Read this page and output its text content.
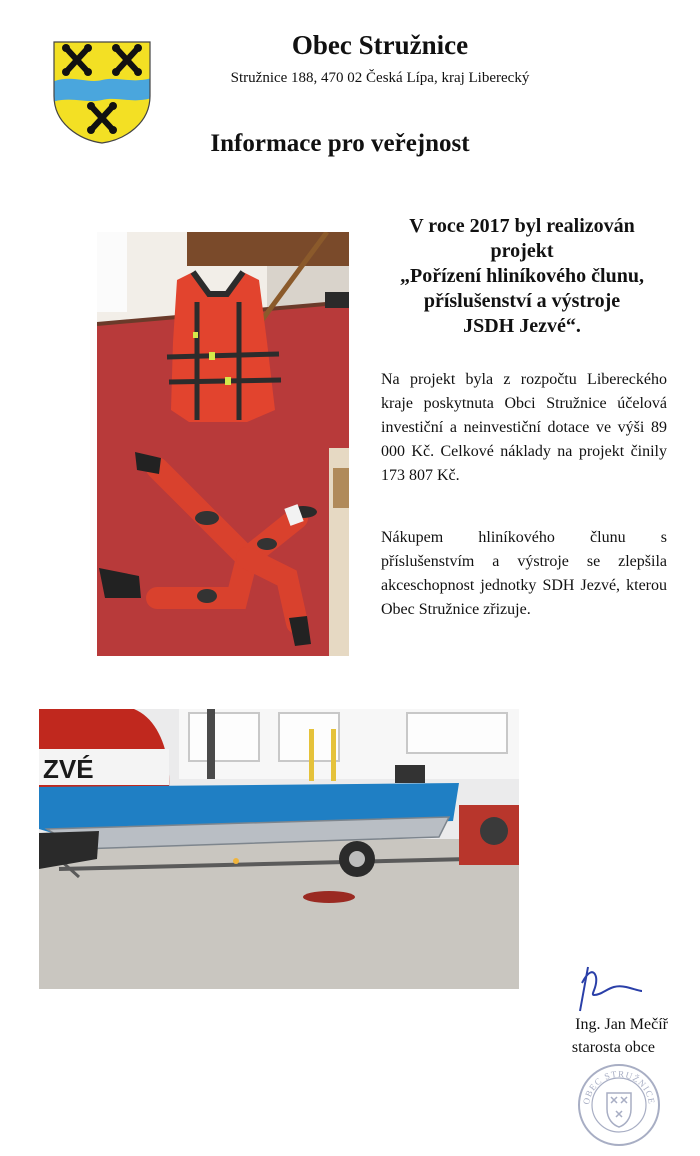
Obec Stružnice
Stružnice 188, 470 02 Česká Lípa, kraj Liberecký
Informace pro veřejnost
V roce 2017 byl realizován
projekt
„Pořízení hliníkového člunu,
příslušenství a výstroje
JSDH Jezvé“.
Na projekt byla z rozpočtu Libereckého kraje poskytnuta Obci Stružnice účelová investiční a neinvestiční dotace ve výši 89 000 Kč. Celkové náklady na projekt činily 173 807 Kč.
Nákupem hliníkového člunu s příslušenstvím a výstroje se zlepšila akceschopnost jednotky SDH Jezvé, kterou Obec Stružnice zřizuje.
ZVÉ
Ing. Jan Mečíř
starosta obce
OBEC STRUŽNICE
